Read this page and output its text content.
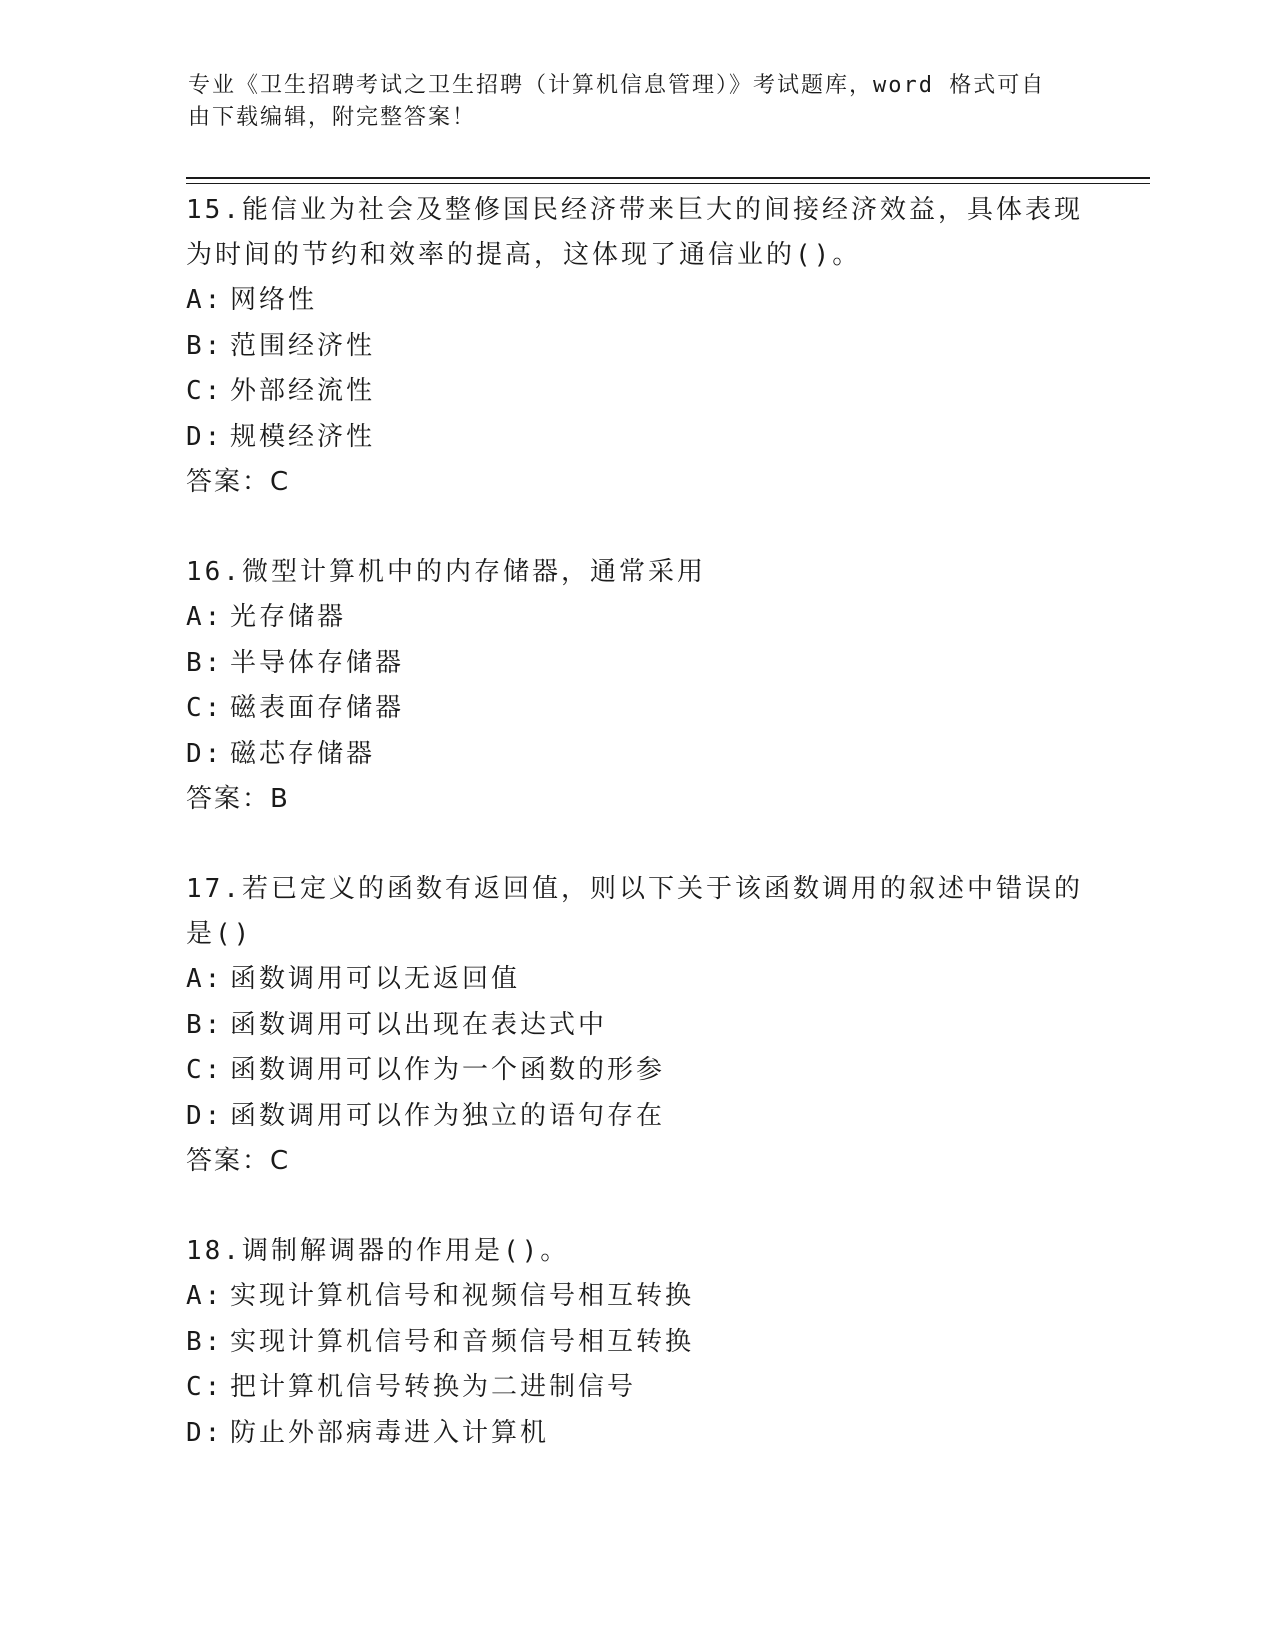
专业《卫生招聘考试之卫生招聘（计算机信息管理）》考试题库，word 格式可自
由下载编辑，附完整答案！
15.能信业为社会及整修国民经济带来巨大的间接经济效益，具体表现
为时间的节约和效率的提高，这体现了通信业的()。
A: 网络性
B: 范围经济性
C: 外部经流性
D: 规模经济性
答案：C
16.微型计算机中的内存储器，通常采用
A: 光存储器
B: 半导体存储器
C: 磁表面存储器
D: 磁芯存储器
答案：B
17.若已定义的函数有返回值，则以下关于该函数调用的叙述中错误的
是()
A: 函数调用可以无返回值
B: 函数调用可以出现在表达式中
C: 函数调用可以作为一个函数的形参
D: 函数调用可以作为独立的语句存在
答案：C
18.调制解调器的作用是()。
A: 实现计算机信号和视频信号相互转换
B: 实现计算机信号和音频信号相互转换
C: 把计算机信号转换为二进制信号
D: 防止外部病毒进入计算机
